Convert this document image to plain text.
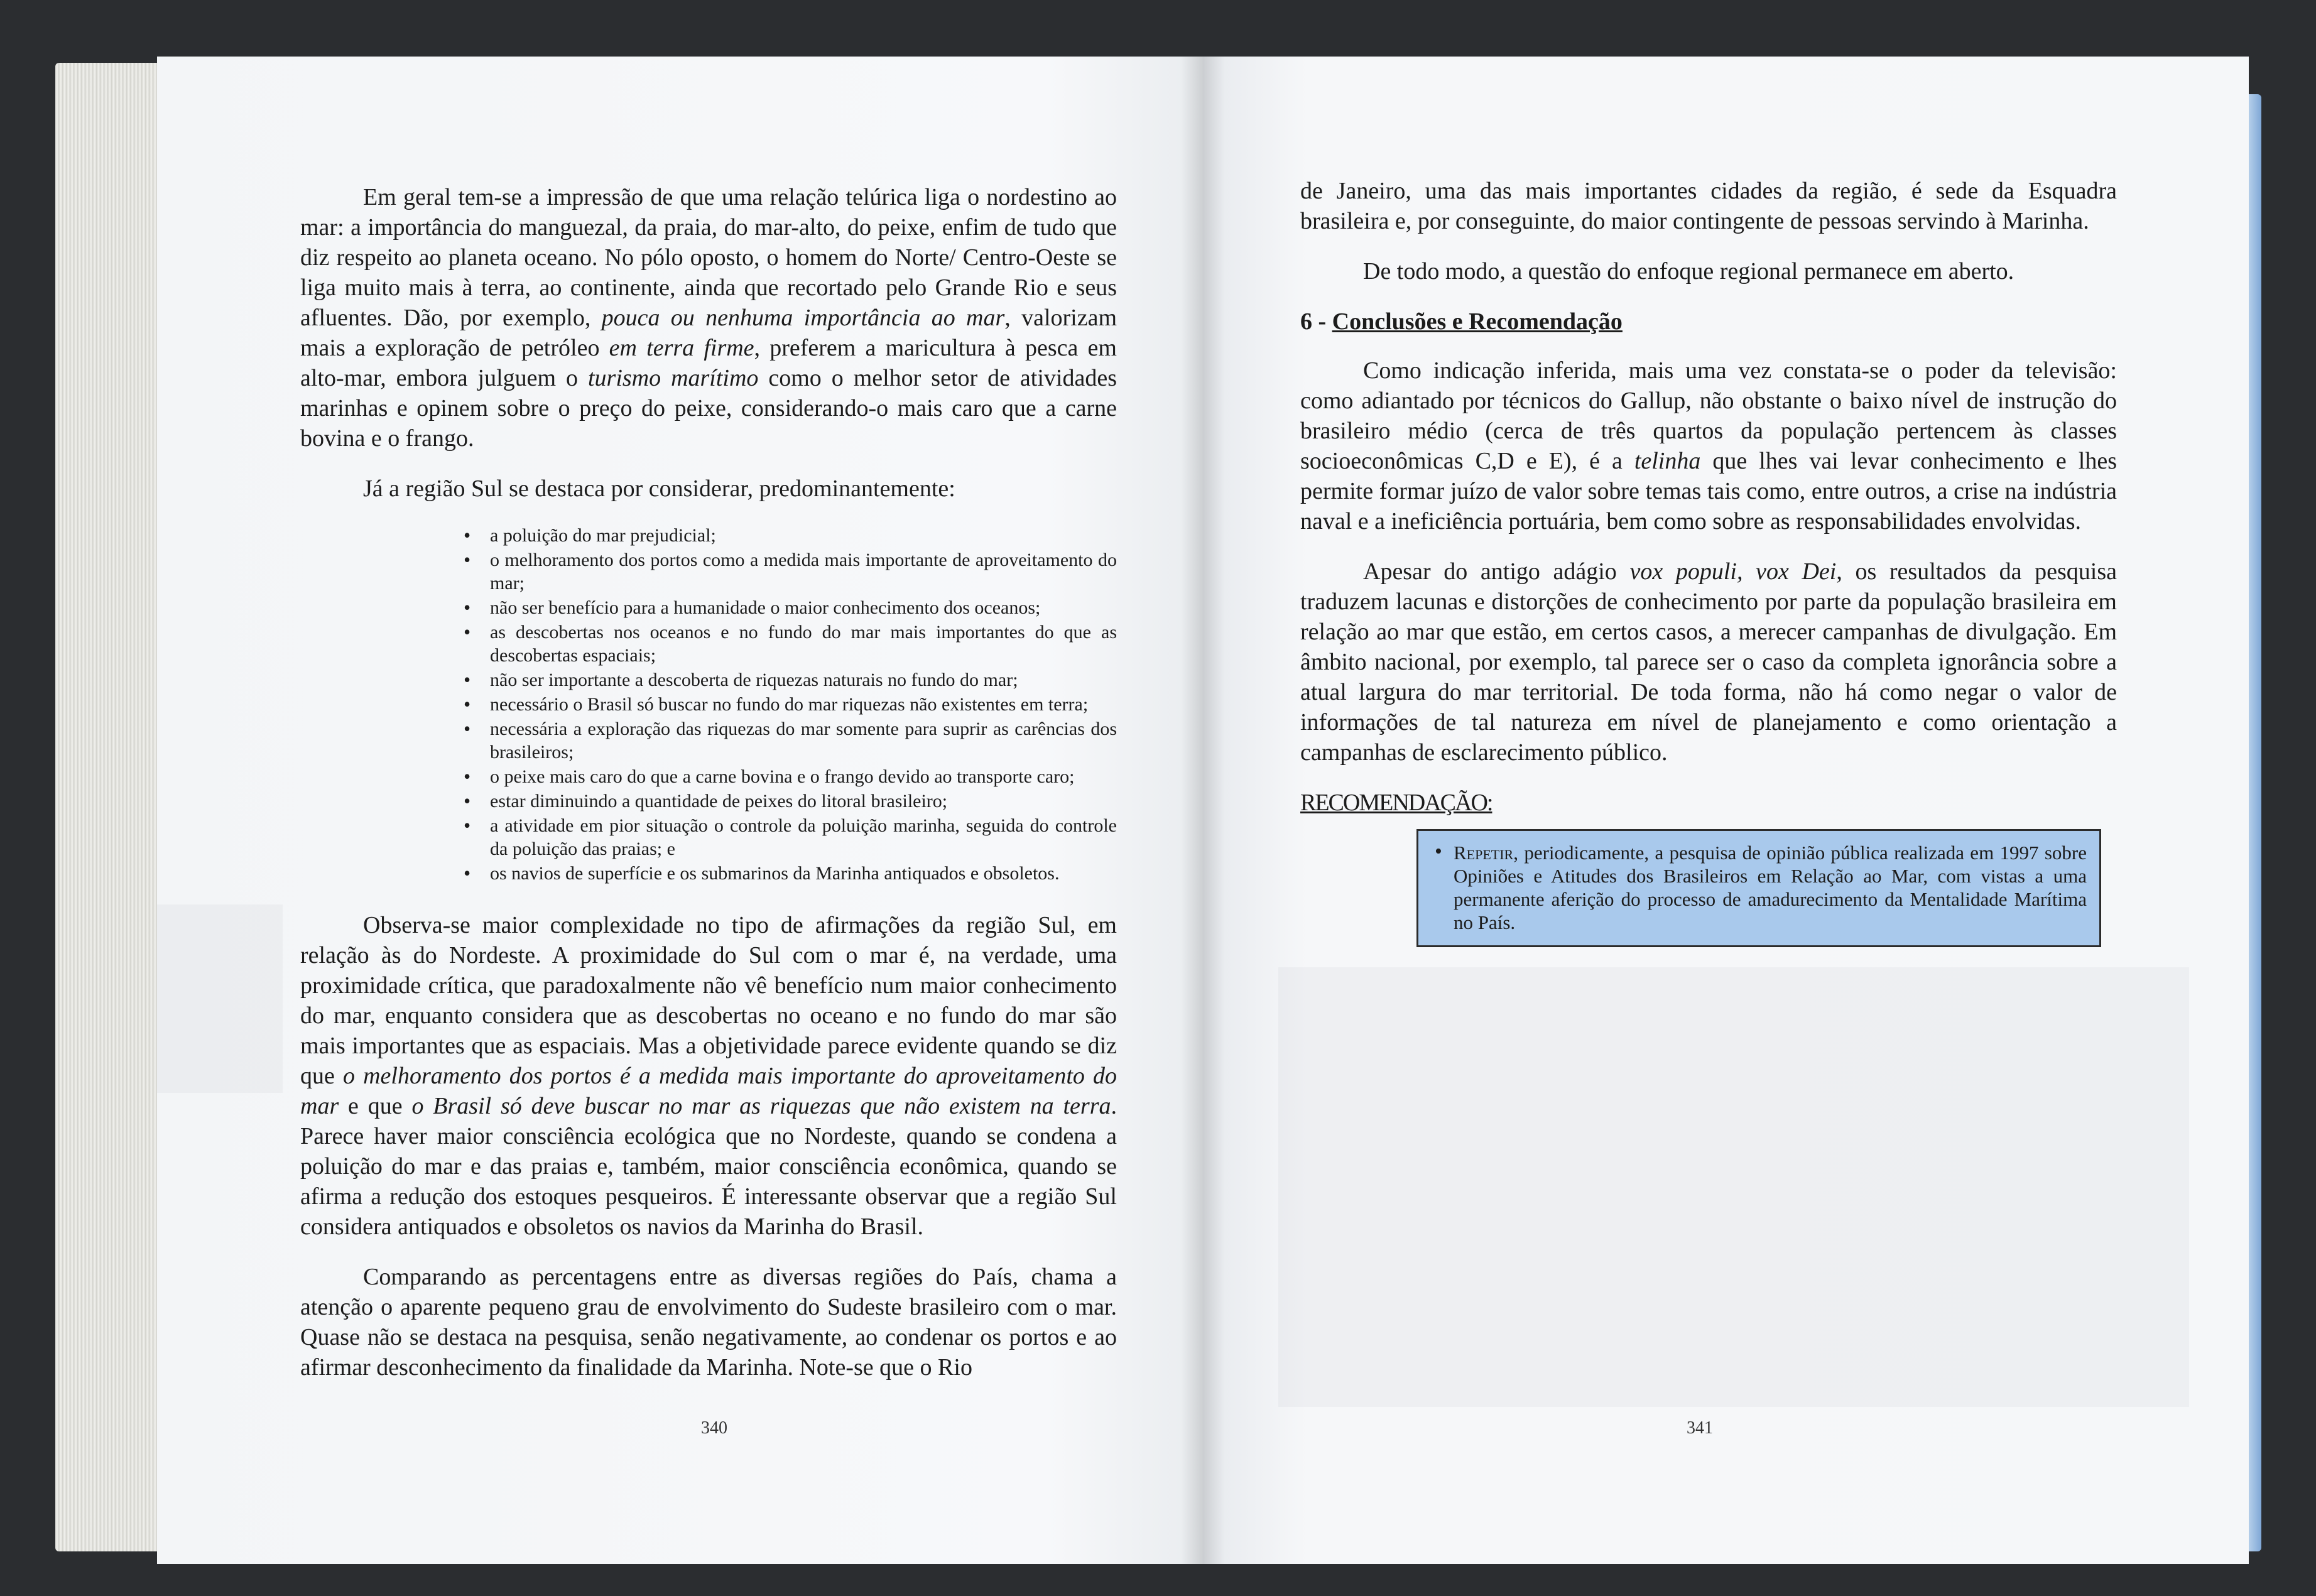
Em geral tem-se a impressão de que uma relação telúrica liga o nordestino ao mar: a importância do manguezal, da praia, do mar-alto, do peixe, enfim de tudo que diz respeito ao planeta oceano. No pólo oposto, o homem do Norte/ Centro-Oeste se liga muito mais à terra, ao continente, ainda que recortado pelo Grande Rio e seus afluentes. Dão, por exemplo, pouca ou nenhuma importância ao mar, valorizam mais a exploração de petróleo em terra firme, preferem a maricultura à pesca em alto-mar, embora julguem o turismo marítimo como o melhor setor de atividades marinhas e opinem sobre o preço do peixe, considerando-o mais caro que a carne bovina e o frango.

Já a região Sul se destaca por considerar, predominantemente:

• a poluição do mar prejudicial;
• o melhoramento dos portos como a medida mais importante de aproveitamento do mar;
• não ser benefício para a humanidade o maior conhecimento dos oceanos;
• as descobertas nos oceanos e no fundo do mar mais importantes do que as descobertas espaciais;
• não ser importante a descoberta de riquezas naturais no fundo do mar;
• necessário o Brasil só buscar no fundo do mar riquezas não existentes em terra;
• necessária a exploração das riquezas do mar somente para suprir as carências dos brasileiros;
• o peixe mais caro do que a carne bovina e o frango devido ao transporte caro;
• estar diminuindo a quantidade de peixes do litoral brasileiro;
• a atividade em pior situação o controle da poluição marinha, seguida do controle da poluição das praias; e
• os navios de superfície e os submarinos da Marinha antiquados e obsoletos.

Observa-se maior complexidade no tipo de afirmações da região Sul, em relação às do Nordeste. A proximidade do Sul com o mar é, na verdade, uma proximidade crítica, que paradoxalmente não vê benefício num maior conhecimento do mar, enquanto considera que as descobertas no oceano e no fundo do mar são mais importantes que as espaciais. Mas a objetividade parece evidente quando se diz que o melhoramento dos portos é a medida mais importante do aproveitamento do mar e que o Brasil só deve buscar no mar as riquezas que não existem na terra. Parece haver maior consciência ecológica que no Nordeste, quando se condena a poluição do mar e das praias e, também, maior consciência econômica, quando se afirma a redução dos estoques pesqueiros. É interessante observar que a região Sul considera antiquados e obsoletos os navios da Marinha do Brasil.

Comparando as percentagens entre as diversas regiões do País, chama a atenção o aparente pequeno grau de envolvimento do Sudeste brasileiro com o mar. Quase não se destaca na pesquisa, senão negativamente, ao condenar os portos e ao afirmar desconhecimento da finalidade da Marinha. Note-se que o Rio

340

de Janeiro, uma das mais importantes cidades da região, é sede da Esquadra brasileira e, por conseguinte, do maior contingente de pessoas servindo à Marinha.

De todo modo, a questão do enfoque regional permanece em aberto.

6 - Conclusões e Recomendação

Como indicação inferida, mais uma vez constata-se o poder da televisão: como adiantado por técnicos do Gallup, não obstante o baixo nível de instrução do brasileiro médio (cerca de três quartos da população pertencem às classes socioeconômicas C,D e E), é a telinha que lhes vai levar conhecimento e lhes permite formar juízo de valor sobre temas tais como, entre outros, a crise na indústria naval e a ineficiência portuária, bem como sobre as responsabilidades envolvidas.

Apesar do antigo adágio vox populi, vox Dei, os resultados da pesquisa traduzem lacunas e distorções de conhecimento por parte da população brasileira em relação ao mar que estão, em certos casos, a merecer campanhas de divulgação. Em âmbito nacional, por exemplo, tal parece ser o caso da completa ignorância sobre a atual largura do mar territorial. De toda forma, não há como negar o valor de informações de tal natureza em nível de planejamento e como orientação a campanhas de esclarecimento público.

RECOMENDAÇÃO:
• Repetir, periodicamente, a pesquisa de opinião pública realizada em 1997 sobre Opiniões e Atitudes dos Brasileiros em Relação ao Mar, com vistas a uma permanente aferição do processo de amadurecimento da Mentalidade Marítima no País.
341
